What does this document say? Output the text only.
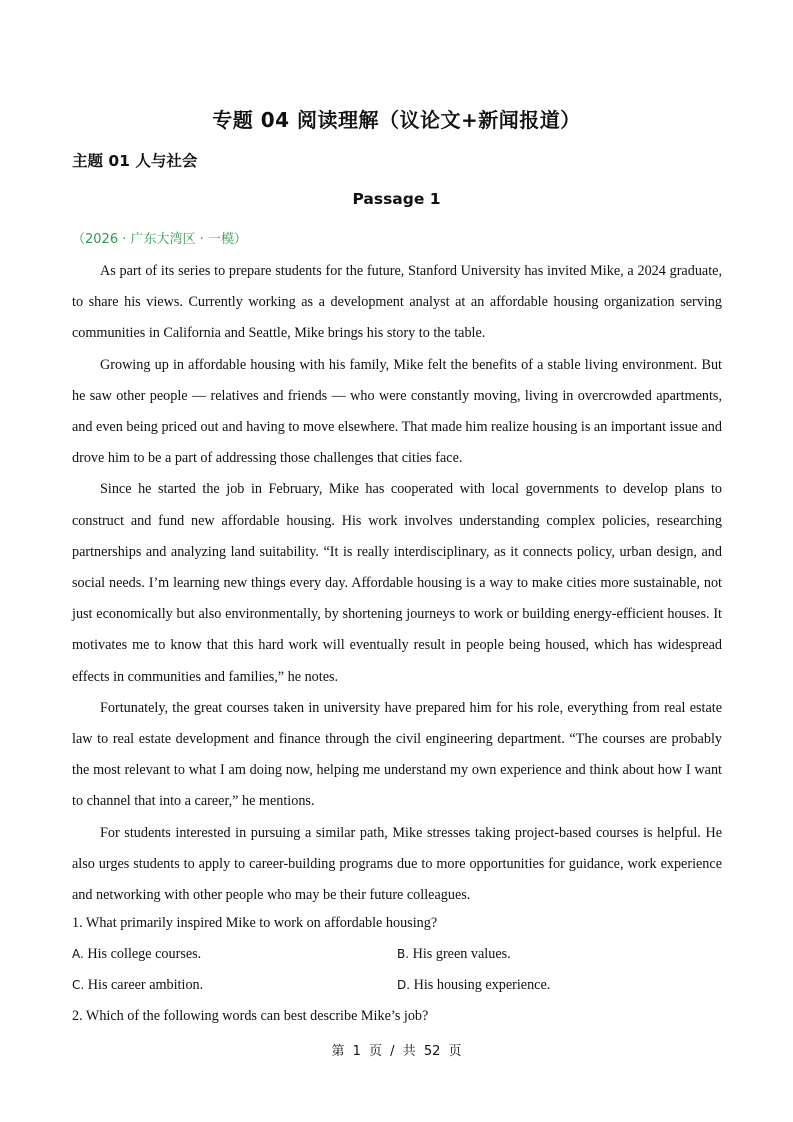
专题 04 阅读理解（议论文+新闻报道）
主题 01 人与社会
Passage 1
（2026 · 广东大湾区 · 一模）

As part of its series to prepare students for the future, Stanford University has invited Mike, a 2024 graduate, to share his views. Currently working as a development analyst at an affordable housing organization serving communities in California and Seattle, Mike brings his story to the table.

Growing up in affordable housing with his family, Mike felt the benefits of a stable living environment. But he saw other people — relatives and friends — who were constantly moving, living in overcrowded apartments, and even being priced out and having to move elsewhere. That made him realize housing is an important issue and drove him to be a part of addressing those challenges that cities face.

Since he started the job in February, Mike has cooperated with local governments to develop plans to construct and fund new affordable housing. His work involves understanding complex policies, researching partnerships and analyzing land suitability. “It is really interdisciplinary, as it connects policy, urban design, and social needs. I’m learning new things every day. Affordable housing is a way to make cities more sustainable, not just economically but also environmentally, by shortening journeys to work or building energy-efficient houses. It motivates me to know that this hard work will eventually result in people being housed, which has widespread effects in communities and families,” he notes.

Fortunately, the great courses taken in university have prepared him for his role, everything from real estate law to real estate development and finance through the civil engineering department. “The courses are probably the most relevant to what I am doing now, helping me understand my own experience and think about how I want to channel that into a career,” he mentions.

For students interested in pursuing a similar path, Mike stresses taking project-based courses is helpful. He also urges students to apply to career-building programs due to more opportunities for guidance, work experience and networking with other people who may be their future colleagues.

1. What primarily inspired Mike to work on affordable housing?

A. His college courses.	B. His green values.
C. His career ambition.	D. His housing experience.

2. Which of the following words can best describe Mike’s job?

第 1 页 / 共 52 页
